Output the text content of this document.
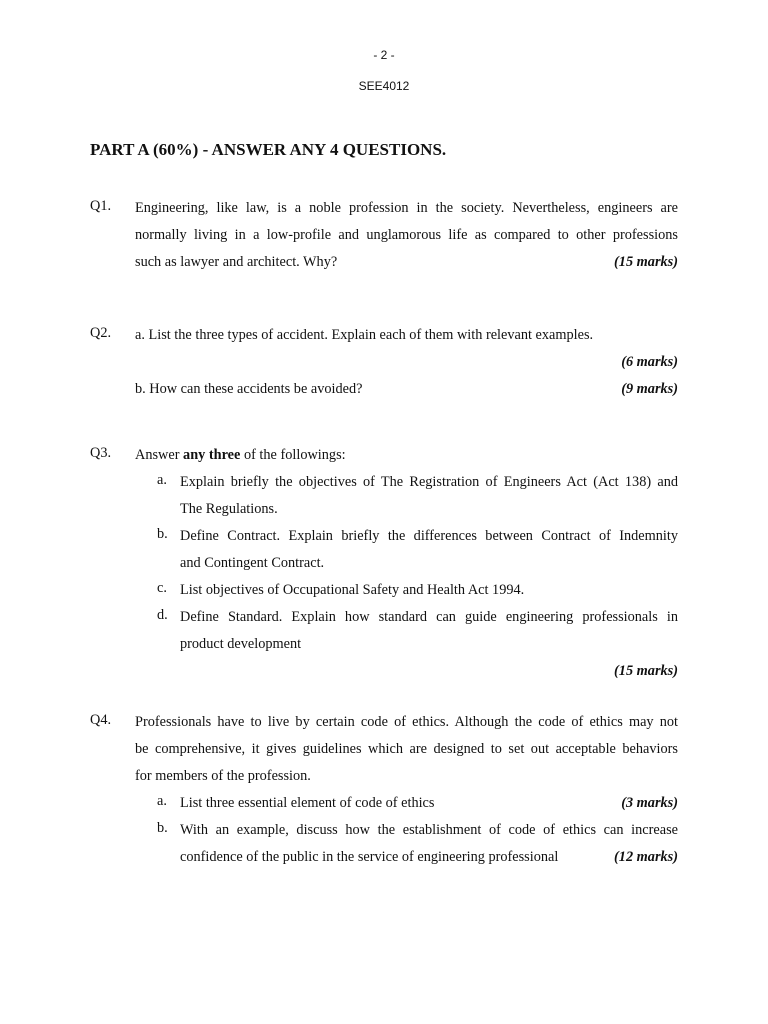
- 2 -
SEE4012
PART A (60%) - ANSWER ANY 4 QUESTIONS.
Q1. Engineering, like law, is a noble profession in the society. Nevertheless, engineers are
normally living in a low-profile and unglamorous life as compared to other professions
such as lawyer and architect. Why?	(15 marks)
Q2. a. List the three types of accident. Explain each of them with relevant examples.
(6 marks)
b. How can these accidents be avoided?	(9 marks)
Q3. Answer any three of the followings:
a. Explain briefly the objectives of The Registration of Engineers Act (Act 138) and
The Regulations.
b. Define Contract. Explain briefly the differences between Contract of Indemnity
and Contingent Contract.
c. List objectives of Occupational Safety and Health Act 1994.
d. Define Standard. Explain how standard can guide engineering professionals in
product development
(15 marks)
Q4. Professionals have to live by certain code of ethics. Although the code of ethics may not
be comprehensive, it gives guidelines which are designed to set out acceptable behaviors
for members of the profession.
a. List three essential element of code of ethics	(3 marks)
b. With an example, discuss how the establishment of code of ethics can increase
confidence of the public in the service of engineering professional	(12 marks)
